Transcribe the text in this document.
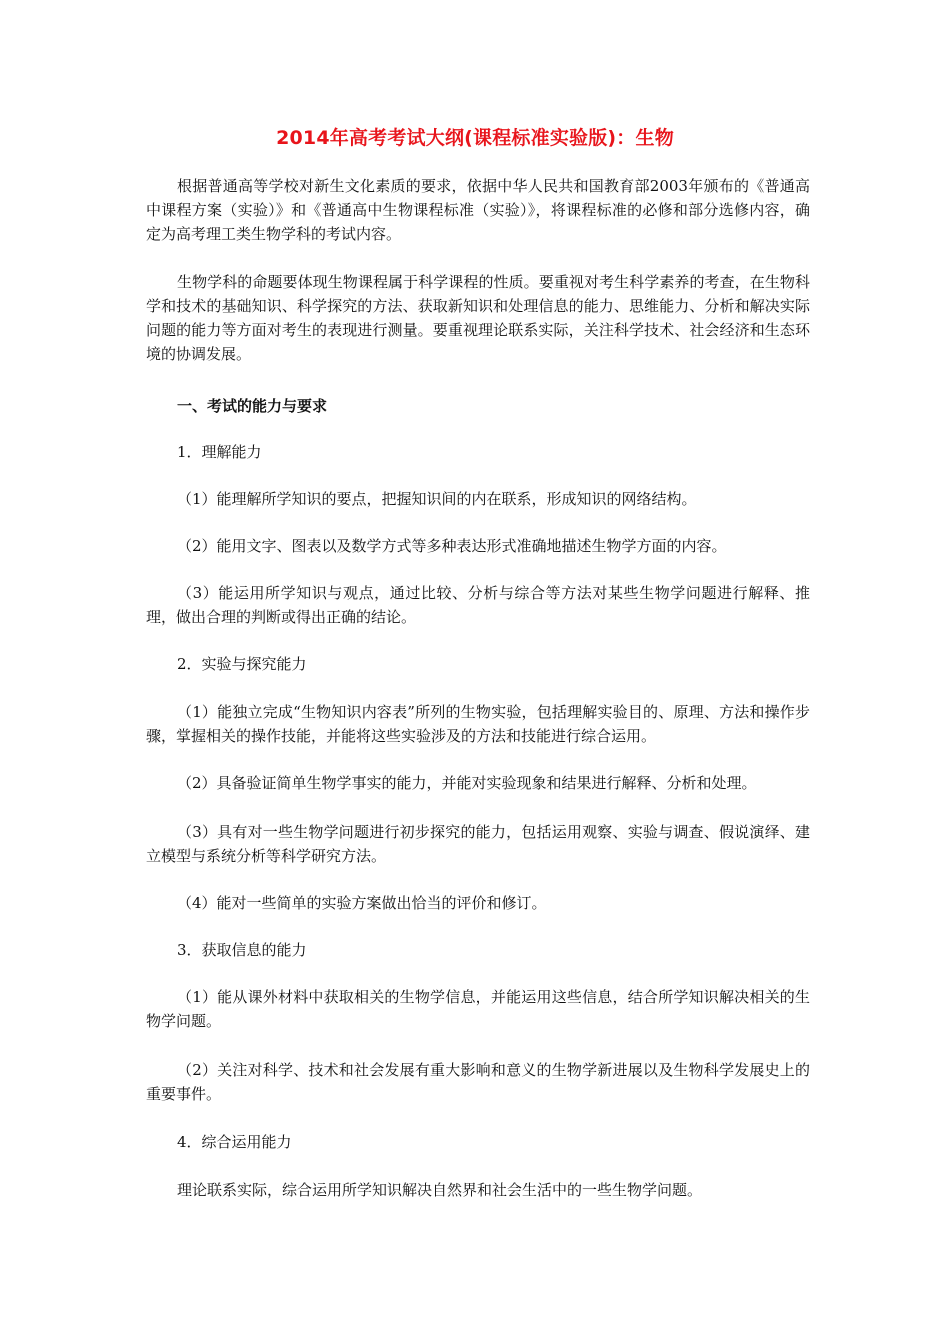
2014年高考考试大纲(课程标准实验版)：生物
根据普通高等学校对新生文化素质的要求，依据中华人民共和国教育部2003年颁布的《普通高中课程方案（实验）》和《普通高中生物课程标准（实验）》，将课程标准的必修和部分选修内容，确定为高考理工类生物学科的考试内容。
生物学科的命题要体现生物课程属于科学课程的性质。要重视对考生科学素养的考查，在生物科学和技术的基础知识、科学探究的方法、获取新知识和处理信息的能力、思维能力、分析和解决实际问题的能力等方面对考生的表现进行测量。要重视理论联系实际，关注科学技术、社会经济和生态环境的协调发展。
一、考试的能力与要求
1．理解能力
（1）能理解所学知识的要点，把握知识间的内在联系，形成知识的网络结构。
（2）能用文字、图表以及数学方式等多种表达形式准确地描述生物学方面的内容。
（3）能运用所学知识与观点，通过比较、分析与综合等方法对某些生物学问题进行解释、推理，做出合理的判断或得出正确的结论。
2．实验与探究能力
（1）能独立完成“生物知识内容表”所列的生物实验，包括理解实验目的、原理、方法和操作步骤，掌握相关的操作技能，并能将这些实验涉及的方法和技能进行综合运用。
（2）具备验证简单生物学事实的能力，并能对实验现象和结果进行解释、分析和处理。
（3）具有对一些生物学问题进行初步探究的能力，包括运用观察、实验与调查、假说演绎、建立模型与系统分析等科学研究方法。
（4）能对一些简单的实验方案做出恰当的评价和修订。
3．获取信息的能力
（1）能从课外材料中获取相关的生物学信息，并能运用这些信息，结合所学知识解决相关的生物学问题。
（2）关注对科学、技术和社会发展有重大影响和意义的生物学新进展以及生物科学发展史上的重要事件。
4．综合运用能力
理论联系实际，综合运用所学知识解决自然界和社会生活中的一些生物学问题。
